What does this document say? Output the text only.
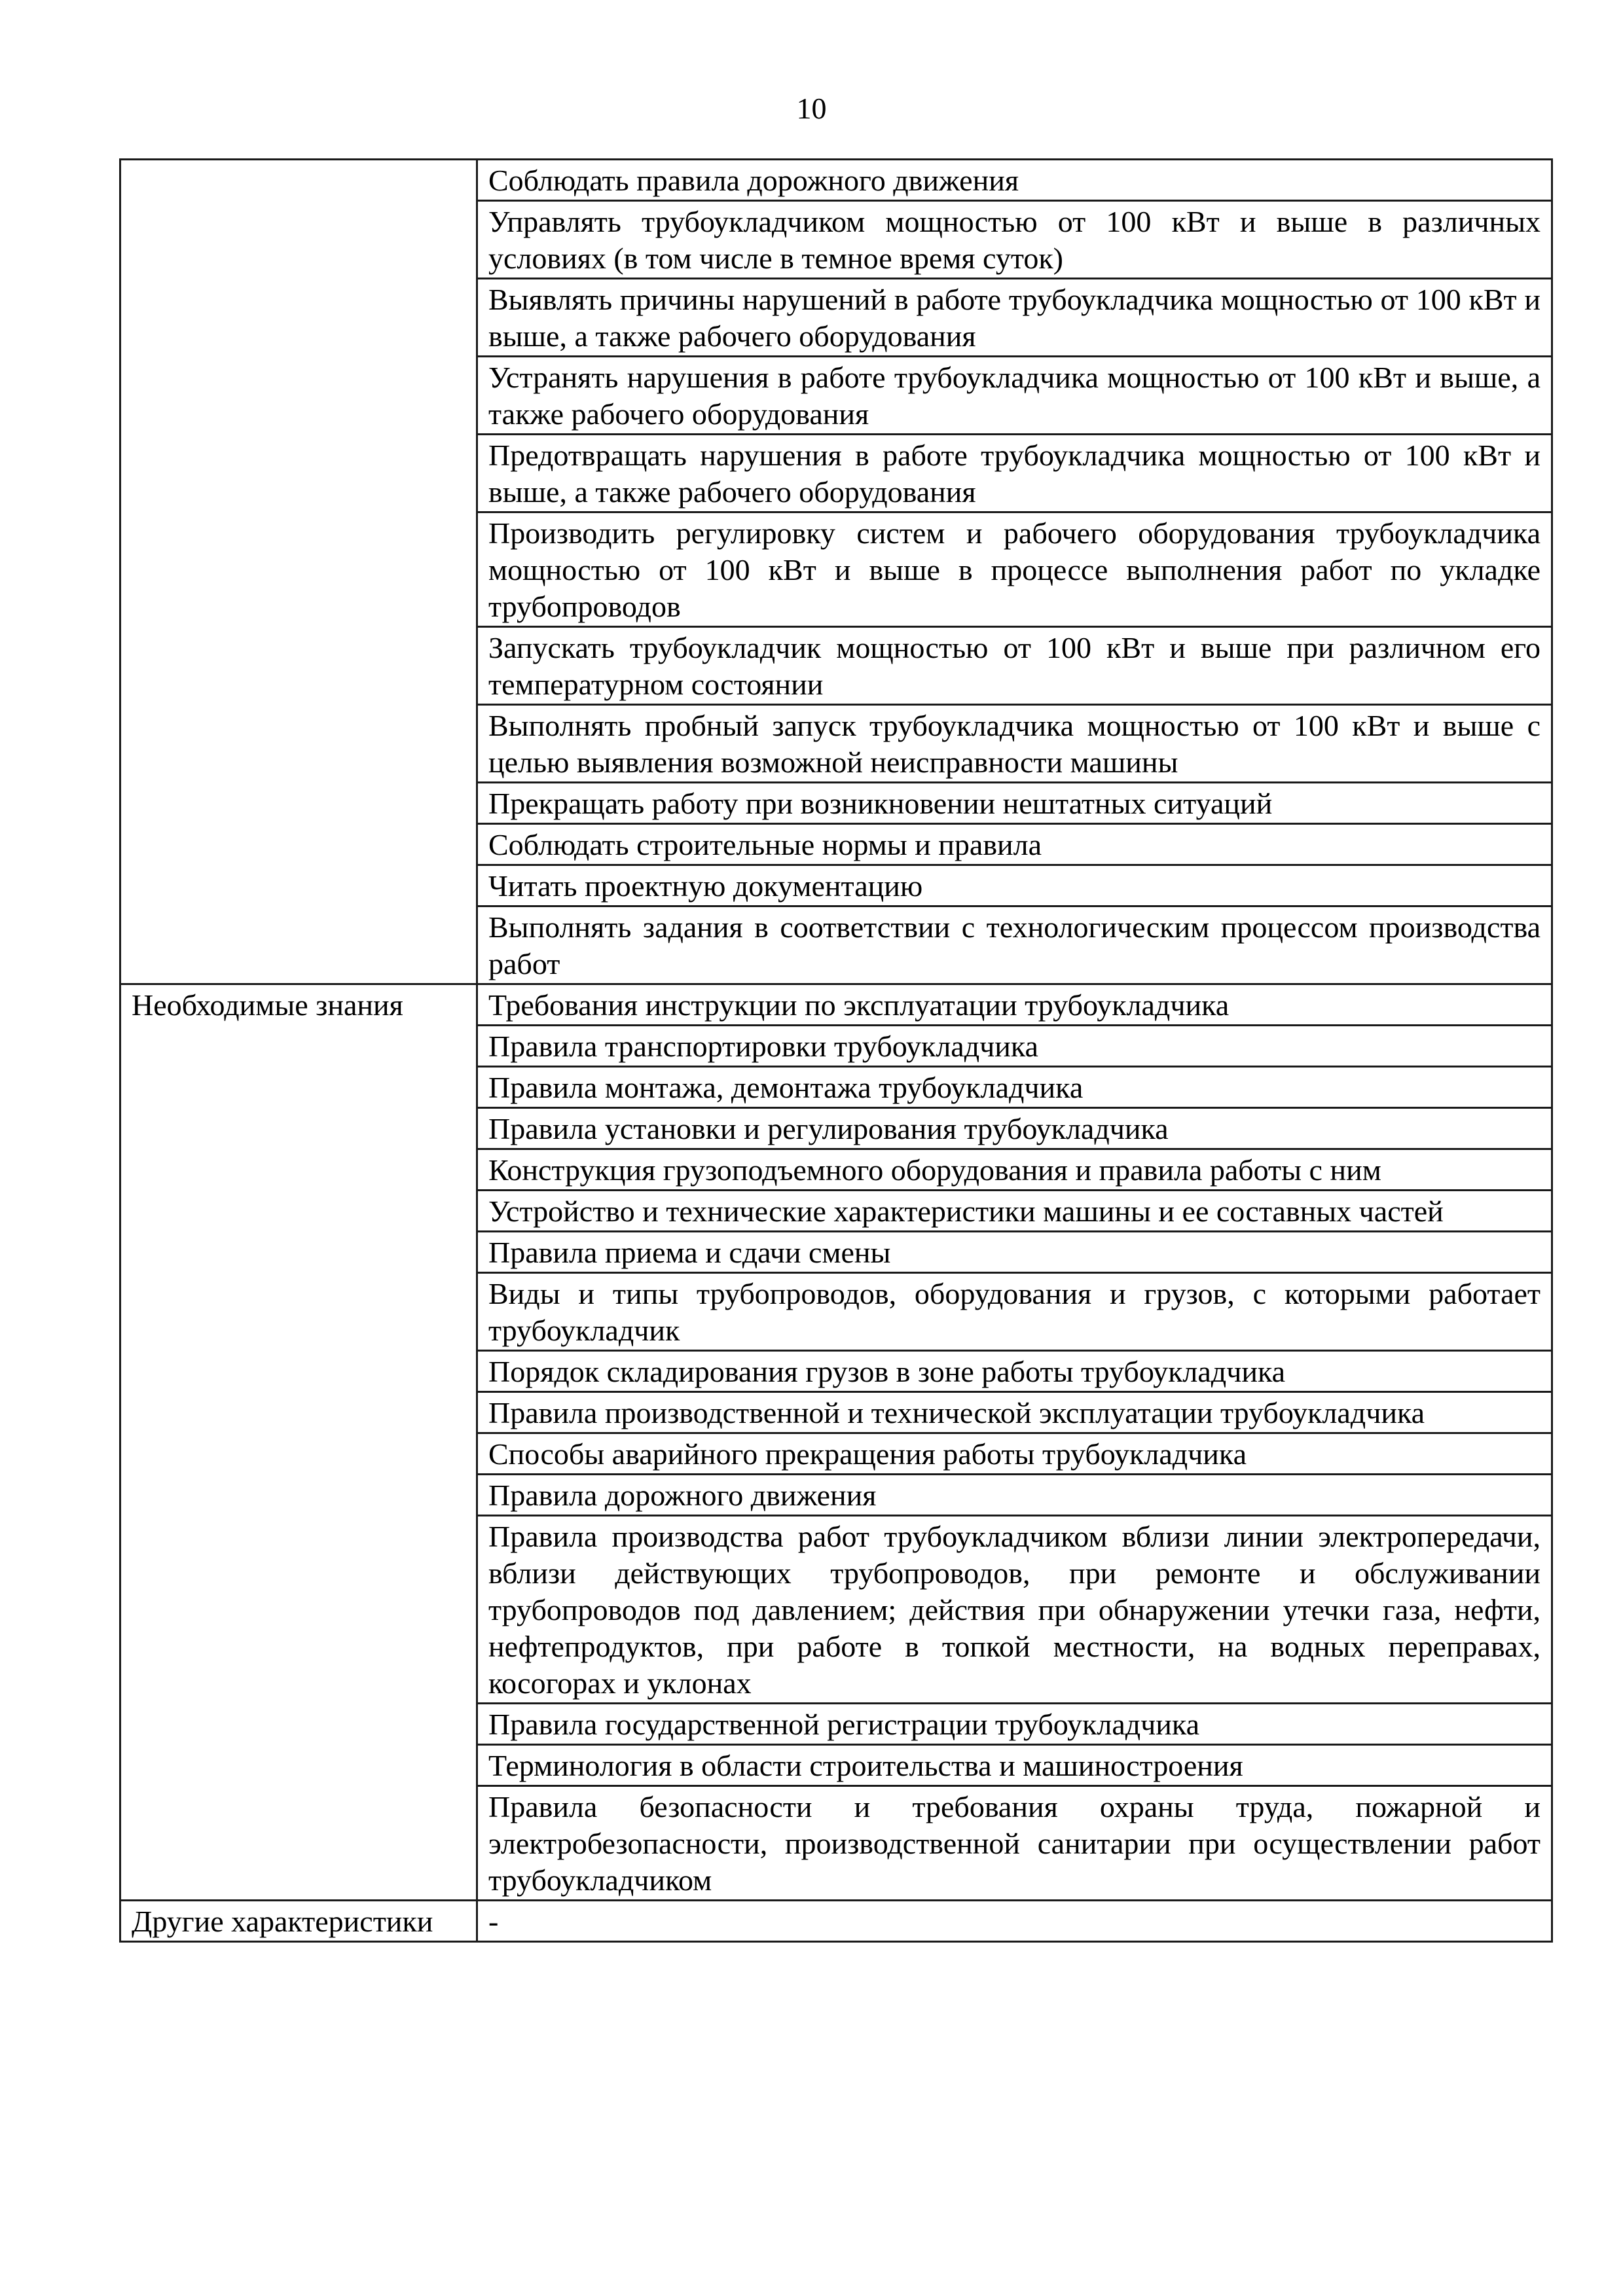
10
	Соблюдать правила дорожного движения
	Управлять трубоукладчиком мощностью от 100 кВт и выше в различных условиях (в том числе в темное время суток)
	Выявлять причины нарушений в работе трубоукладчика мощностью от 100 кВт и выше, а также рабочего оборудования
	Устранять нарушения в работе трубоукладчика мощностью от 100 кВт и выше, а также рабочего оборудования
	Предотвращать нарушения в работе трубоукладчика мощностью от 100 кВт и выше, а также рабочего оборудования
	Производить регулировку систем и рабочего оборудования трубоукладчика мощностью от 100 кВт и выше в процессе выполнения работ по укладке трубопроводов
	Запускать трубоукладчик мощностью от 100 кВт и выше при различном его температурном состоянии
	Выполнять пробный запуск трубоукладчика мощностью от 100 кВт и выше с целью выявления возможной неисправности машины
	Прекращать работу при возникновении нештатных ситуаций
	Соблюдать строительные нормы и правила
	Читать проектную документацию
	Выполнять задания в соответствии с технологическим процессом производства работ
Необходимые знания	Требования инструкции по эксплуатации трубоукладчика
	Правила транспортировки трубоукладчика
	Правила монтажа, демонтажа трубоукладчика
	Правила установки и регулирования трубоукладчика
	Конструкция грузоподъемного оборудования и правила работы с ним
	Устройство и технические характеристики машины и ее составных частей
	Правила приема и сдачи смены
	Виды и типы трубопроводов, оборудования и грузов, с которыми работает трубоукладчик
	Порядок складирования грузов в зоне работы трубоукладчика
	Правила производственной и технической эксплуатации трубоукладчика
	Способы аварийного прекращения работы трубоукладчика
	Правила дорожного движения
	Правила производства работ трубоукладчиком вблизи линии электропередачи, вблизи действующих трубопроводов, при ремонте и обслуживании трубопроводов под давлением; действия при обнаружении утечки газа, нефти, нефтепродуктов, при работе в топкой местности, на водных переправах, косогорах и уклонах
	Правила государственной регистрации трубоукладчика
	Терминология в области строительства и машиностроения
	Правила безопасности и требования охраны труда, пожарной и электробезопасности, производственной санитарии при осуществлении работ трубоукладчиком
Другие характеристики	-
